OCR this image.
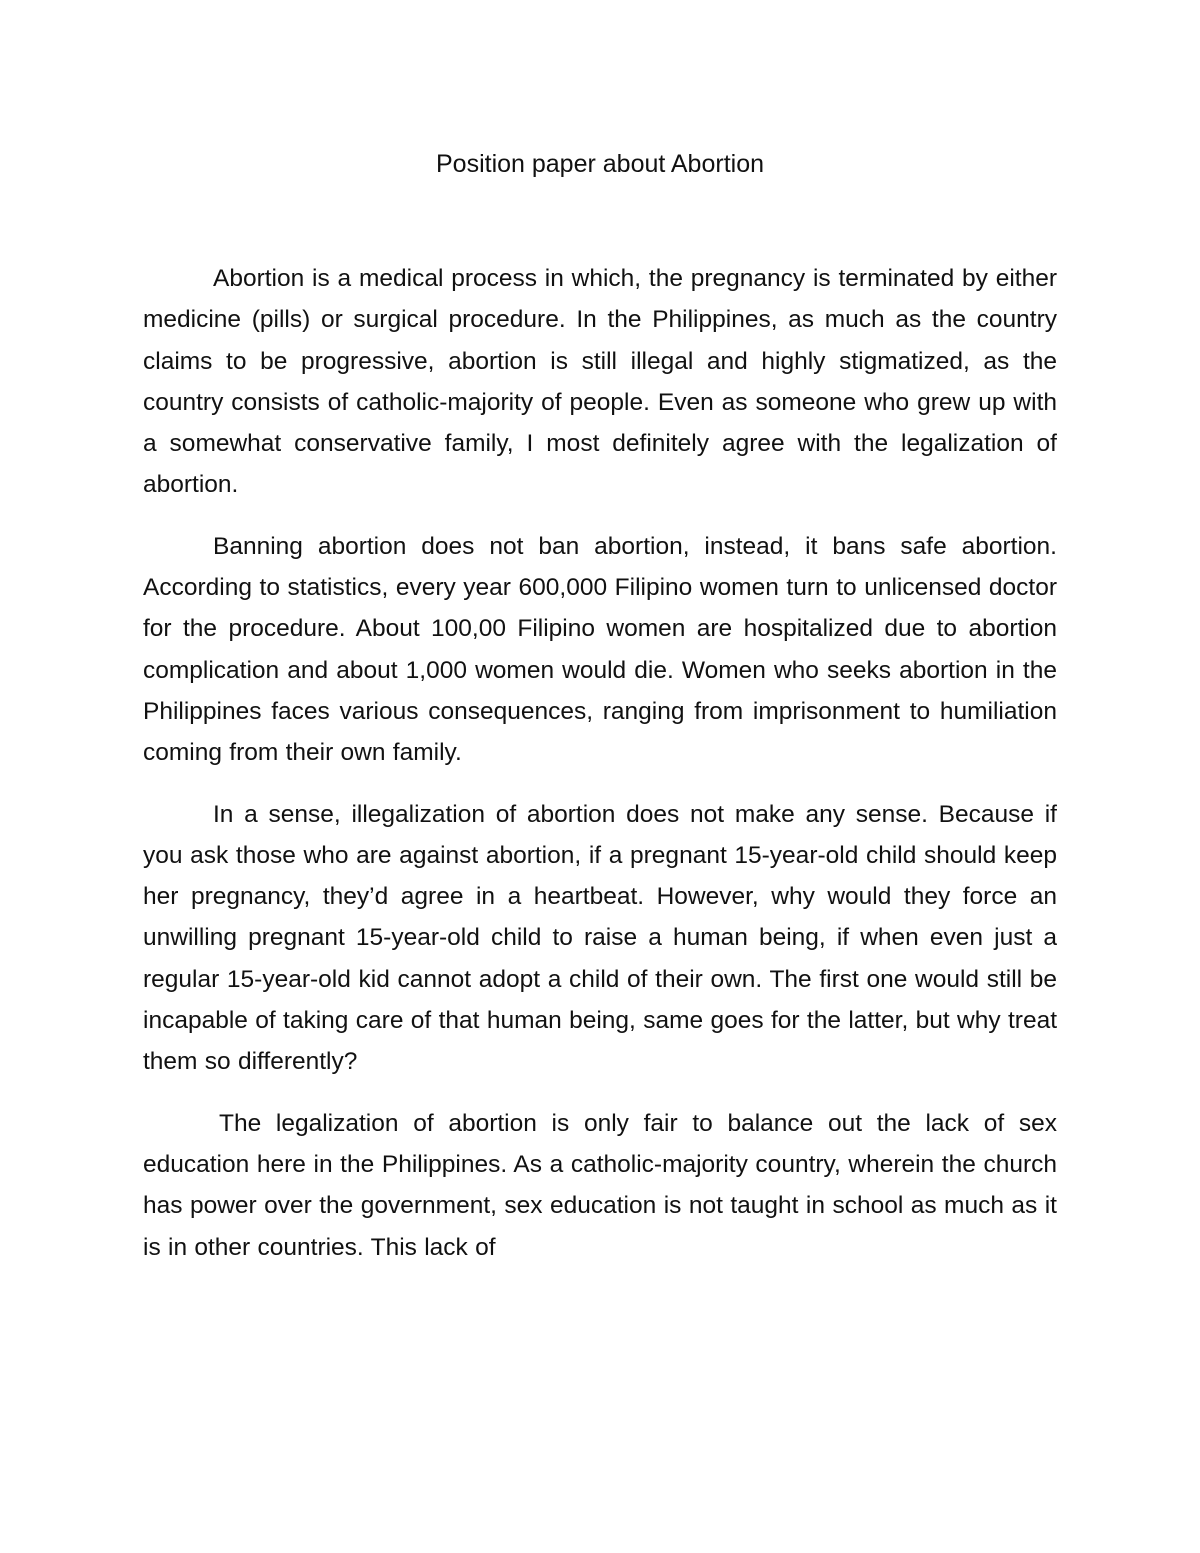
Position paper about Abortion

Abortion is a medical process in which, the pregnancy is terminated by either medicine (pills) or surgical procedure. In the Philippines, as much as the country claims to be progressive, abortion is still illegal and highly stigmatized, as the country consists of catholic-majority of people. Even as someone who grew up with a somewhat conservative family, I most definitely agree with the legalization of abortion.

Banning abortion does not ban abortion, instead, it bans safe abortion. According to statistics, every year 600,000 Filipino women turn to unlicensed doctor for the procedure. About 100,00 Filipino women are hospitalized due to abortion complication and about 1,000 women would die. Women who seeks abortion in the Philippines faces various consequences, ranging from imprisonment to humiliation coming from their own family.

In a sense, illegalization of abortion does not make any sense. Because if you ask those who are against abortion, if a pregnant 15-year-old child should keep her pregnancy, they’d agree in a heartbeat. However, why would they force an unwilling pregnant 15-year-old child to raise a human being, if when even just a regular 15-year-old kid cannot adopt a child of their own. The first one would still be incapable of taking care of that human being, same goes for the latter, but why treat them so differently?

The legalization of abortion is only fair to balance out the lack of sex education here in the Philippines. As a catholic-majority country, wherein the church has power over the government, sex education is not taught in school as much as it is in other countries. This lack of
